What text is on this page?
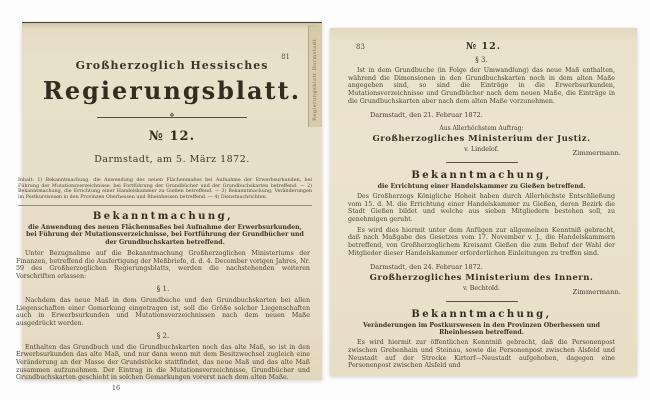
81	Regierungsblatt Darmstadt
Großherzoglich Hessisches
Regierungsblatt.
❖
№ 12.
Darmstadt, am 5. März 1872.
Inhalt: 1) Bekanntmachung, die Anwendung des neuen Flächenmaßes bei Aufnahme der Erwerbsurkunden, bei Führung der Mutationsverzeichnisse, bei Fortführung der Grundbücher und der Grundbuchskarten betreffend. — 2) Bekanntmachung, die Errichtung einer Handelskammer zu Gießen betreffend. — 3) Bekanntmachung, Veränderungen im Postkurswesen in den Provinzen Oberhessen und Rheinhessen betreffend. — 4) Dienstnachrichten.
Bekanntmachung,
die Anwendung des neuen Flächenmaßes bei Aufnahme der Erwerbsurkunden, bei Führung der Mutationsverzeichnisse, bei Fortführung der Grundbücher und der Grundbuchskarten betreffend.
Unter Bezugnahme auf die Bekanntmachung Großherzoglichen Ministeriums der Finanzen, betreffend die Ausfertigung der Meßbriefe, d. d. 4. December vorigen Jahres, Nr. 59 des Großherzoglichen Regierungsblatts, werden die nachstehenden weiteren Vorschriften erlassen:
§ 1.
Nachdem das neue Maß in dem Grundbuche und den Grundbuchskarten bei allen Liegenschaften einer Gemarkung eingetragen ist, soll die Größe solcher Liegenschaften auch in Erwerbsurkunden und Mutationsverzeichnissen nach dem neuen Maße ausgedrückt werden.
§ 2.
Enthalten das Grundbuch und die Grundbuchskarten noch das alte Maß, so ist in den Erwerbsurkunden das alte Maß, und nur dann wenn mit dem Besitzwechsel zugleich eine Veränderung an der Masse der Grundstücke stattfindet, das neue Maß und das alte Maß zusammen aufzunehmen. Der Eintrag in die Mutationsverzeichnisse, Grundbücher und Grundbuchskarten geschieht in solchen Gemarkungen vorerst nach dem alten Maße.
16
83	№ 12.
§ 3.
Ist in dem Grundbuche (in Folge der Umwandlung) das neue Maß enthalten, während die Dimensionen in den Grundbuchskarten noch in dem alten Maße angegeben sind, so sind die Einträge in die Erwerbsurkunden, Mutationsverzeichnisse und Grundbücher nach dem neuen Maße, die Einträge in die Grundbuchskarten aber nach dem alten Maße vorzunehmen.
Darmstadt, den 21. Februar 1872.
Aus Allerhöchstem Auftrag:
Großherzogliches Ministerium der Justiz.
v. Lindelof.	Zimmermann.
Bekanntmachung,
die Errichtung einer Handelskammer zu Gießen betreffend.
Des Großherzogs Königliche Hoheit haben durch Allerhöchste Entschließung vom 15. d. M. die Errichtung einer Handelskammer zu Gießen, deren Bezirk die Stadt Gießen bildet und welche aus sieben Mitgliedern bestehen soll, zu genehmigen geruht.
Es wird dies hiermit unter dem Anfügen zur allgemeinen Kenntniß gebracht, daß nach Maßgabe des Gesetzes vom 17. November v. J., die Handelskammern betreffend, von Großherzoglichem Kreisamt Gießen die zum Behuf der Wahl der Mitglieder dieser Handelskammer erforderlichen Einleitungen zu treffen sind.
Darmstadt, den 24. Februar 1872.
Großherzogliches Ministerium des Innern.
v. Bechtold.	Zimmermann.
Bekanntmachung,
Veränderungen im Postkurswesen in den Provinzen Oberhessen und Rheinhessen betreffend.
Es wird hiermit zur öffentlichen Kenntniß gebracht, daß die Personenpost zwischen Grebenhain und Steinau, sowie die Personenpost zwischen Alsfeld und Neustadt auf der Strecke Kirtorf—Neustadt aufgehoben, dagegen eine Personenpost zwischen Alsfeld und
